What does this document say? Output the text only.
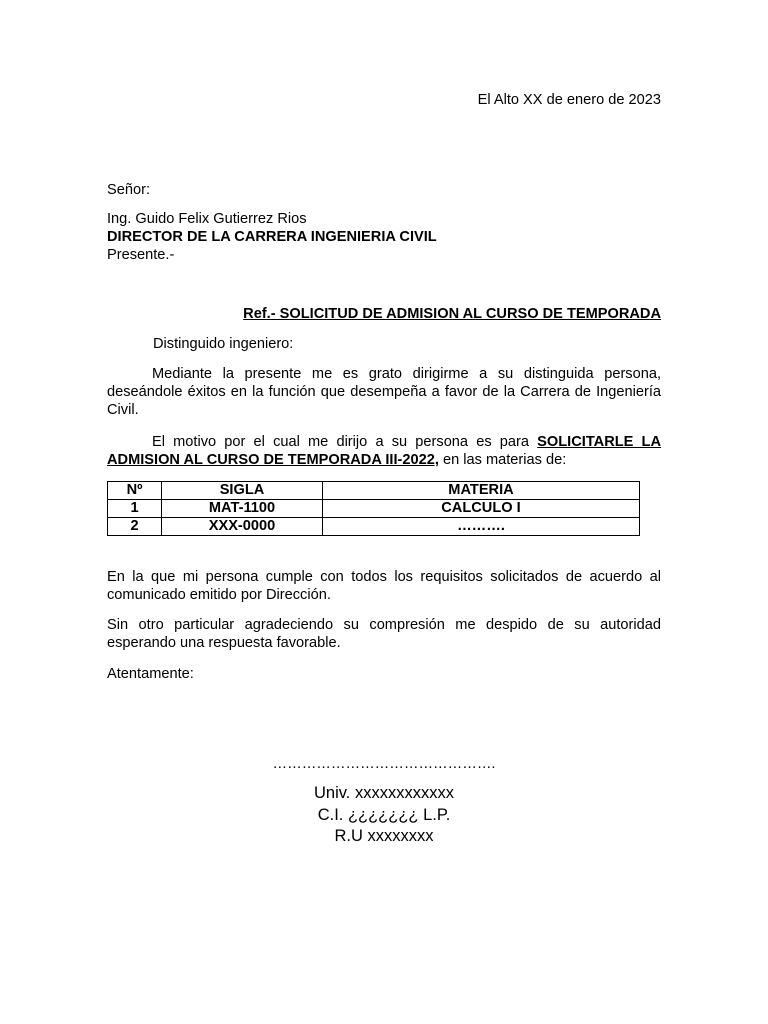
El Alto XX de enero de 2023
Señor:
Ing. Guido Felix Gutierrez Rios
DIRECTOR DE LA CARRERA INGENIERIA CIVIL
Presente.-
Ref.- SOLICITUD DE ADMISION AL CURSO DE TEMPORADA
Distinguido ingeniero:
Mediante la presente me es grato dirigirme a su distinguida persona, deseándole éxitos en la función que desempeña a favor de la Carrera de Ingeniería Civil.
El motivo por el cual me dirijo a su persona es para SOLICITARLE LA ADMISION AL CURSO DE TEMPORADA III-2022, en las materias de:
Nº	SIGLA	MATERIA
1	MAT-1100	CALCULO I
2	XXX-0000	……….
En la que mi persona cumple con todos los requisitos solicitados de acuerdo al comunicado emitido por Dirección.
Sin otro particular agradeciendo su compresión me despido de su autoridad esperando una respuesta favorable.
Atentamente:
……………………………………….
Univ. xxxxxxxxxxxx
C.I. ¿¿¿¿¿¿¿ L.P.
R.U xxxxxxxx
